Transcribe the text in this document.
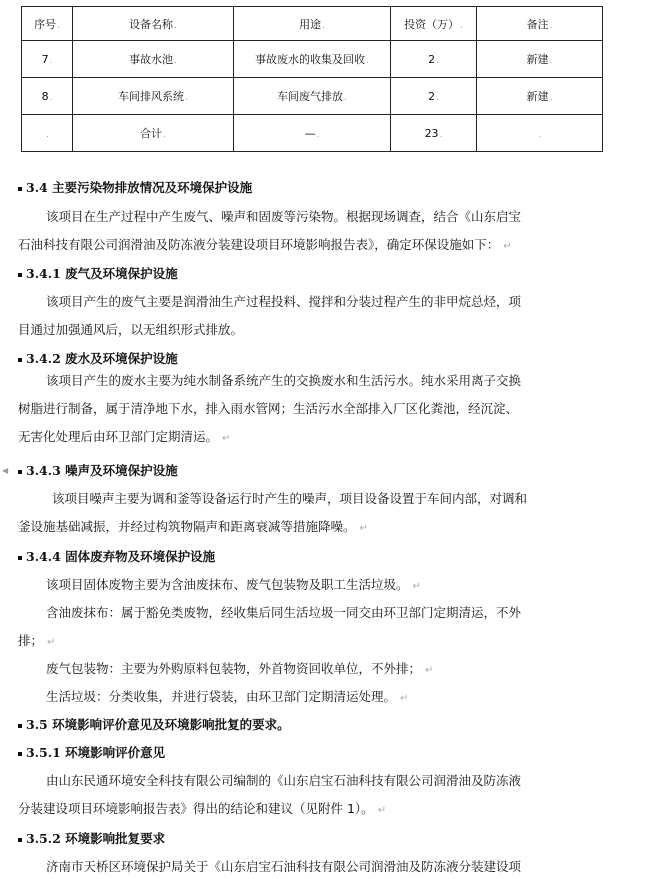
序号.	设备名称.	用途.	投资（万）.	备注.
7.	事故水池.	事故废水的收集及回收.	2.	新建.
8.	车间排风系统.	车间废气排放.	2.	新建.
.	合计.	—.	23.	.
3.4 主要污染物排放情况及环境保护设施
该项目在生产过程中产生废气、噪声和固废等污染物。根据现场调查，结合《山东启宝
石油科技有限公司润滑油及防冻液分装建设项目环境影响报告表》，确定环保设施如下： ↵
3.4.1 废气及环境保护设施
该项目产生的废气主要是润滑油生产过程投料、搅拌和分装过程产生的非甲烷总烃，项
目通过加强通风后，以无组织形式排放。
3.4.2 废水及环境保护设施
该项目产生的废水主要为纯水制备系统产生的交换废水和生活污水。纯水采用离子交换
树脂进行制备，属于清净地下水，排入雨水管网；生活污水全部排入厂区化粪池，经沉淀、
无害化处理后由环卫部门定期清运。 ↵
◀	3.4.3 噪声及环境保护设施
该项目噪声主要为调和釜等设备运行时产生的噪声，项目设备设置于车间内部，对调和
釜设施基础减振，并经过构筑物隔声和距离衰减等措施降噪。 ↵
3.4.4 固体废弃物及环境保护设施
该项目固体废物主要为含油废抹布、废气包装物及职工生活垃圾。 ↵
含油废抹布：属于豁免类废物，经收集后同生活垃圾一同交由环卫部门定期清运，不外
排； ↵
废气包装物：主要为外购原料包装物，外首物资回收单位，不外排； ↵
生活垃圾：分类收集，并进行袋装，由环卫部门定期清运处理。 ↵
3.5 环境影响评价意见及环境影响批复的要求。
3.5.1 环境影响评价意见
由山东民通环境安全科技有限公司编制的《山东启宝石油科技有限公司润滑油及防冻液
分装建设项目环境影响报告表》得出的结论和建议（见附件 1）。 ↵
3.5.2 环境影响批复要求
济南市天桥区环境保护局关于《山东启宝石油科技有限公司润滑油及防冻液分装建设项
